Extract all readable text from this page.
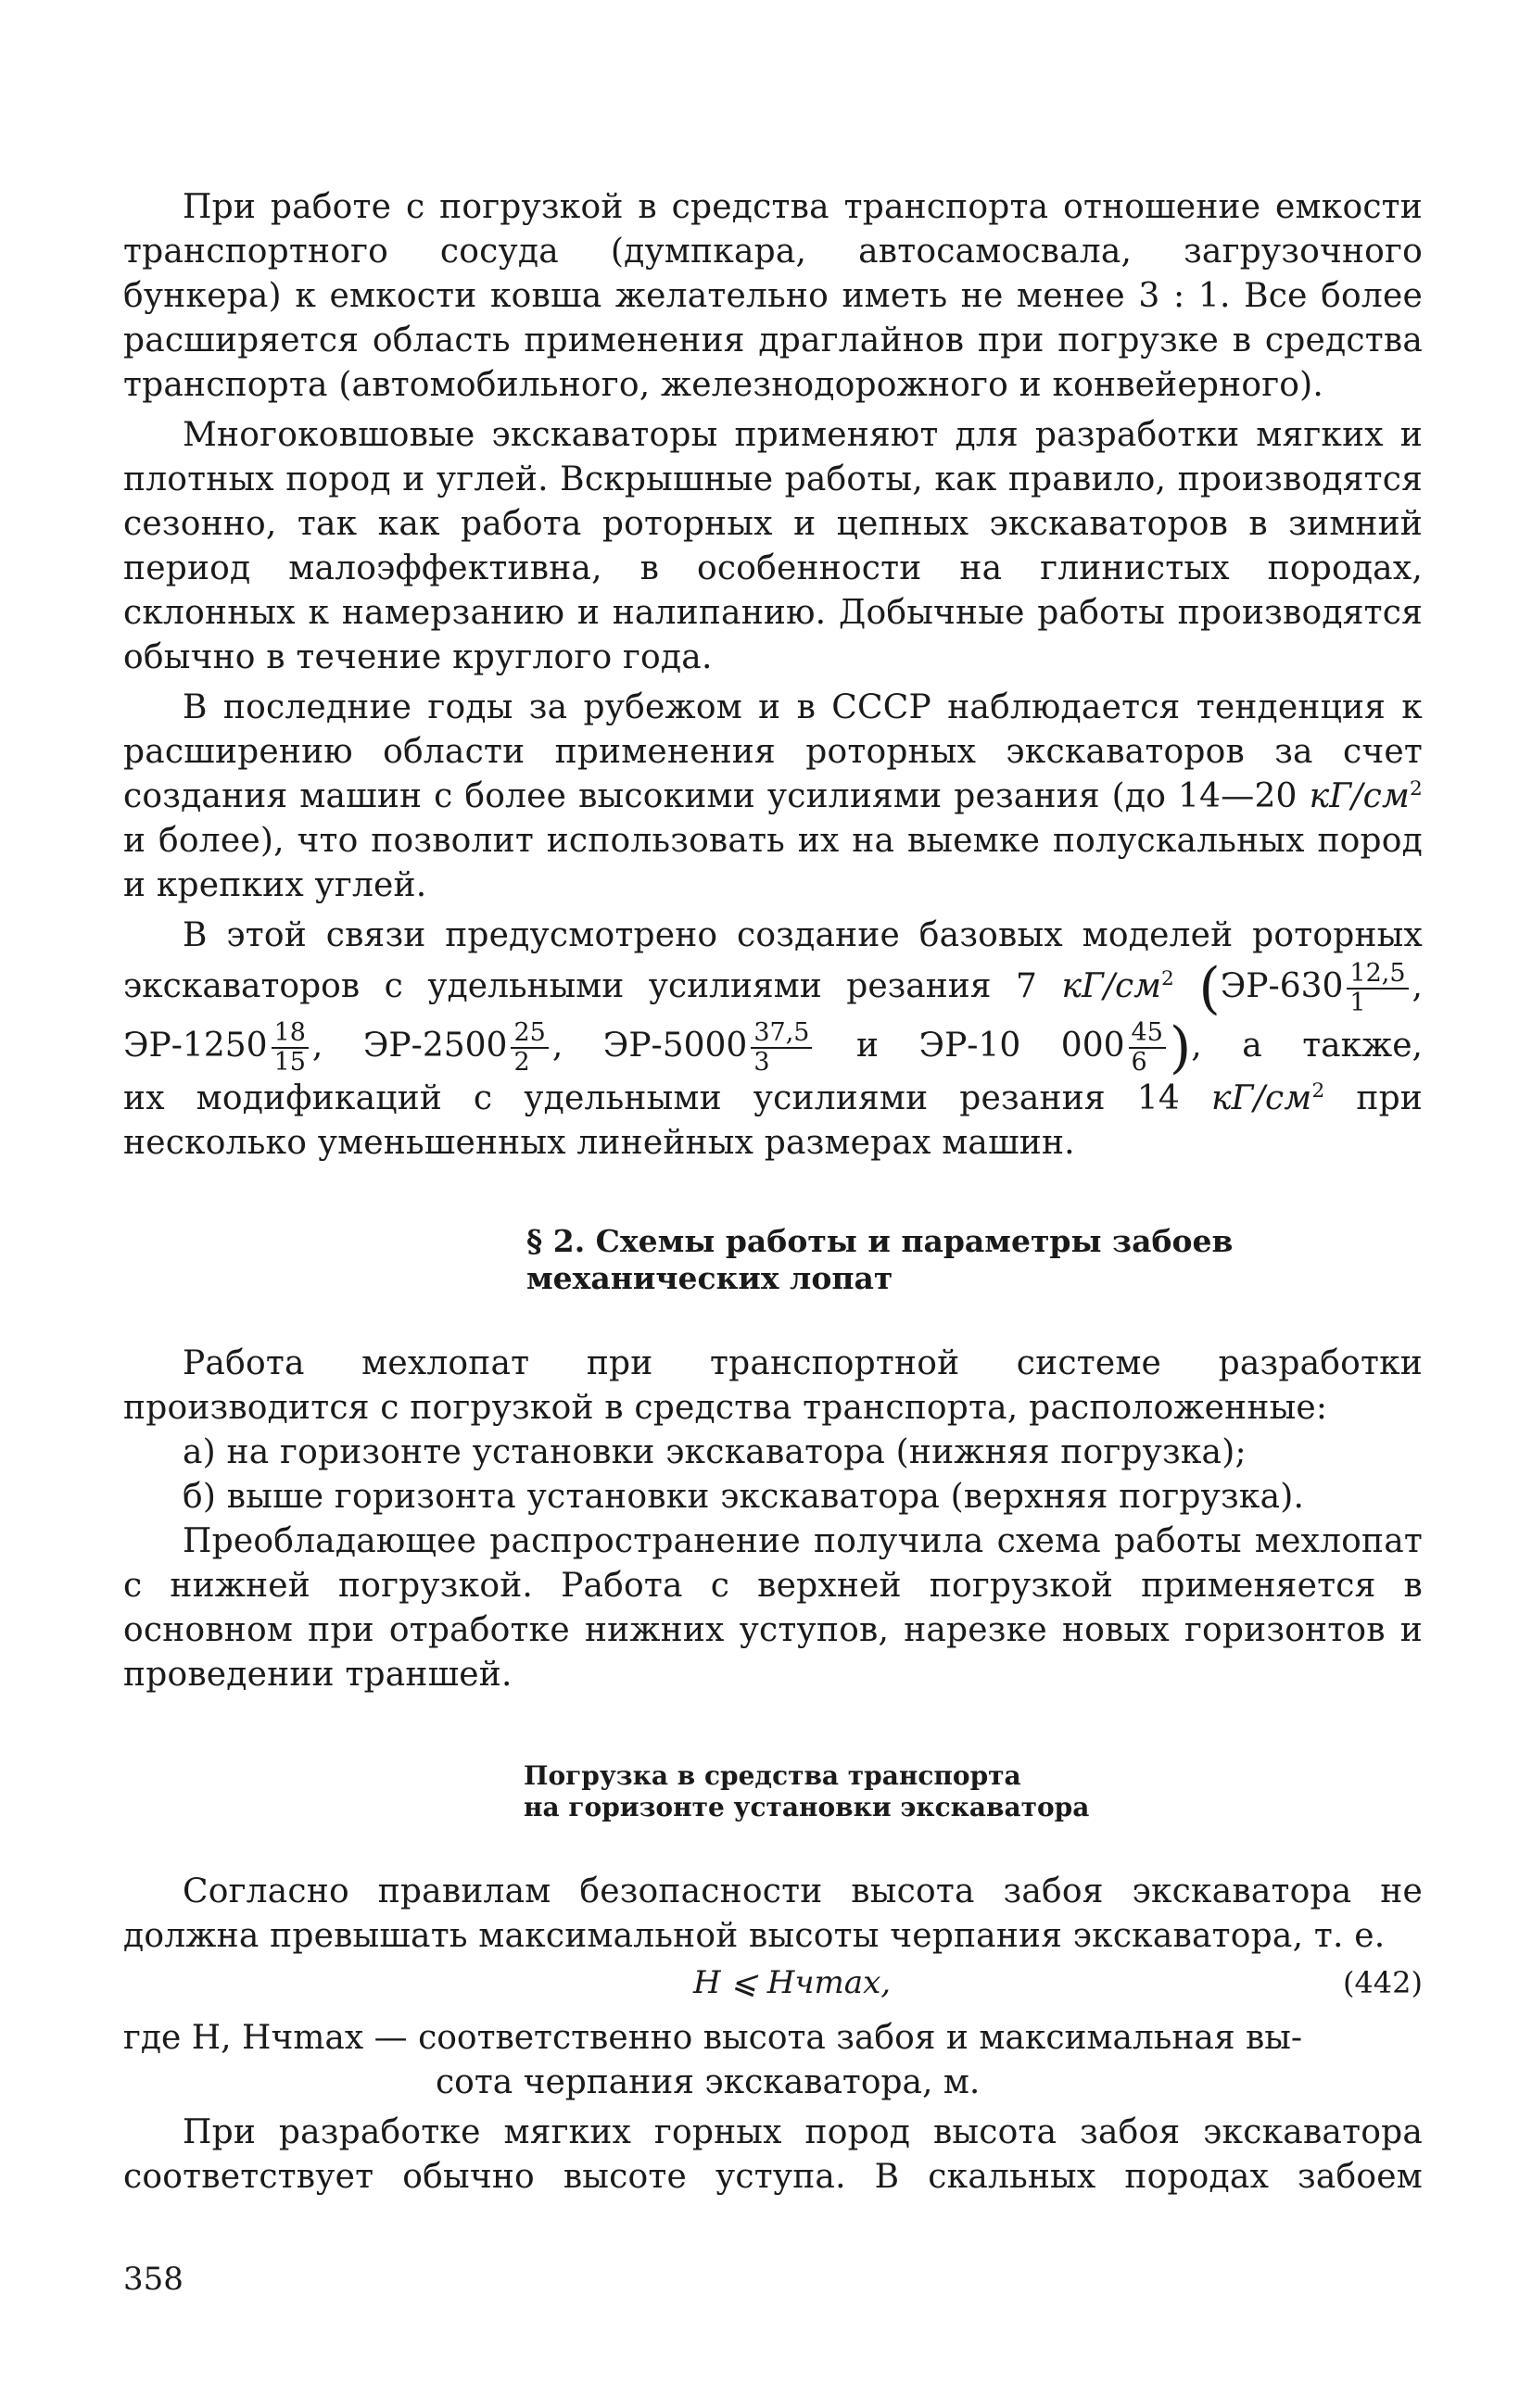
При работе с погрузкой в средства транспорта отношение емкости транспортного сосуда (думпкара, автосамосвала, загрузочного бункера) к емкости ковша желательно иметь не менее 3 : 1. Все более расширяется область применения драглайнов при погрузке в средства транспорта (автомобильного, железнодорожного и конвейерного).

Многоковшовые экскаваторы применяют для разработки мягких и плотных пород и углей. Вскрышные работы, как правило, производятся сезонно, так как работа роторных и цепных экскаваторов в зимний период малоэффективна, в особенности на глинистых породах, склонных к намерзанию и налипанию. Добычные работы производятся обычно в течение круглого года.

В последние годы за рубежом и в СССР наблюдается тенденция к расширению области применения роторных экскаваторов за счет создания машин с более высокими усилиями резания (до 14—20 $кГ/см^2$ и более), что позволит использовать их на выемке полускальных пород и крепких углей.

В этой связи предусмотрено создание базовых моделей роторных

экскаваторов с удельными усилиями резания 7 $кГ/см^2$ ($ЭР-630 \frac{12,5}{1}$ ,
$ЭР-1250 \frac{18}{15}$ , $ЭР-2500 \frac{25}{2}$ , $ЭР-5000 \frac{37,5}{3}$ и ЭР-10 $000 \frac{45}{6}$ ), а также,

их модификаций с удельными усилиями резания 14 $кГ/см^2$ при несколько уменьшенных линейных размерах машин.

§ 2. Схемы работы и параметры забоев
механических лопат

Работа мехлопат при транспортной системе разработки производится с погрузкой в средства транспорта, расположенные:

а) на горизонте установки экскаватора (нижняя погрузка);

б) выше горизонта установки экскаватора (верхняя погрузка).

Преобладающее распространение получила схема работы мехлопат с нижней погрузкой. Работа с верхней погрузкой применяется в основном при отработке нижних уступов, нарезке новых горизонтов и проведении траншей.

Погрузка в средства транспорта
на горизонте установки экскаватора

Согласно правилам безопасности высота забоя экскаватора не должна превышать максимальной высоты черпания экскаватора, т. е.

H ⩽ Hчmax,	(442)
где H, Hчmax — соответственно высота забоя и максимальная вы-
сота черпания экскаватора, м.

При разработке мягких горных пород высота забоя экскаватора соответствует обычно высоте уступа. В скальных породах забоем

358
